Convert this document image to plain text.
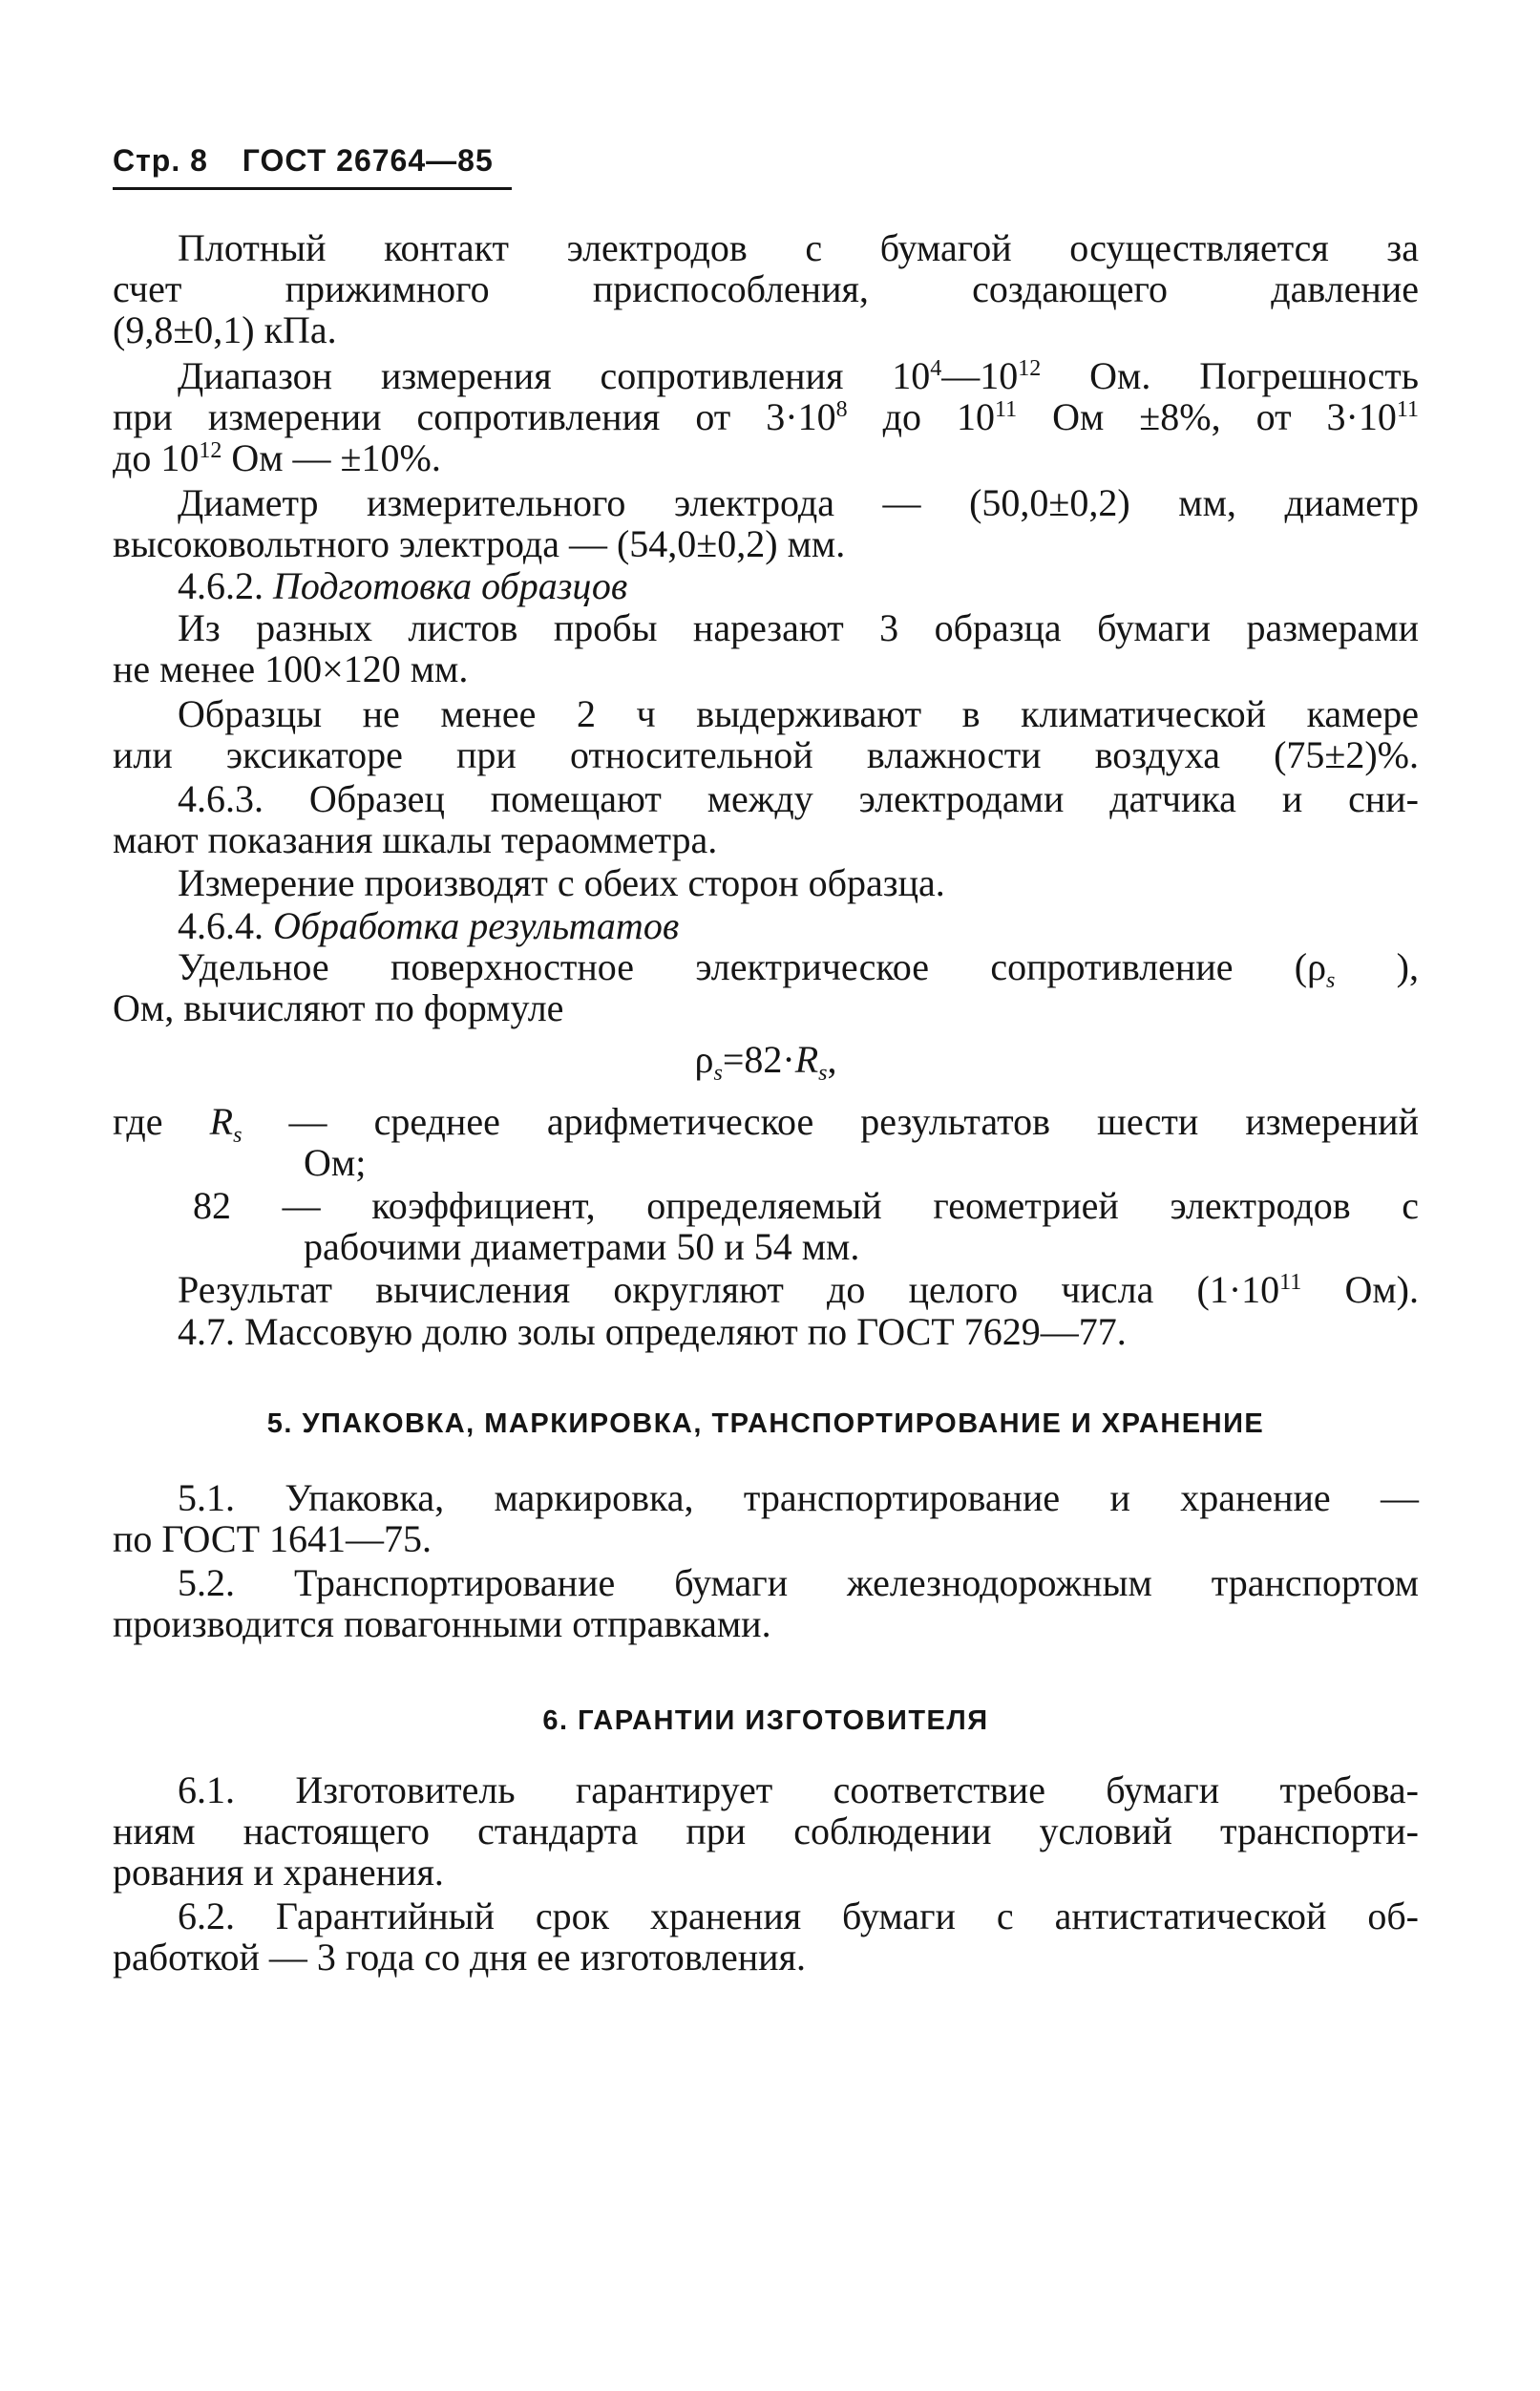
Стр. 8 ГОСТ 26764—85
Плотный контакт электродов с бумагой осуществляется за
счет прижимного приспособления, создающего давление
(9,8±0,1) кПа.
Диапазон измерения сопротивления $10^4—10^{12}$ Ом. Погрешность
при измерении сопротивления от $3\cdot 10^8$ до $10^{11}$ Ом ±8%, от $3\cdot 10^{11}$
до $10^{12}$ Ом — ±10%.
Диаметр измерительного электрода — (50,0±0,2) мм, диаметр
высоковольтного электрода — (54,0±0,2) мм.
4.6.2. Подготовка образцов
Из разных листов пробы нарезают 3 образца бумаги размерами
не менее 100×120 мм.
Образцы не менее 2 ч выдерживают в климатической камере
или эксикаторе при относительной влажности воздуха (75±2)%.
4.6.3. Образец помещают между электродами датчика и сни-
мают показания шкалы тераомметра.
Измерение производят с обеих сторон образца.
4.6.4. Обработка результатов
Удельное поверхностное электрическое сопротивление ($\rho_s$ ),
Ом, вычисляют по формуле
$\rho_s=82\cdot R_s$,
где $R_s$ — среднее арифметическое результатов шести измерений
Ом;
82 — коэффициент, определяемый геометрией электродов с
рабочими диаметрами 50 и 54 мм.
Результат вычисления округляют до целого числа ($1\cdot 10^{11}$ Ом).
4.7. Массовую долю золы определяют по ГОСТ 7629—77.
5. УПАКОВКА, МАРКИРОВКА, ТРАНСПОРТИРОВАНИЕ И ХРАНЕНИЕ
5.1. Упаковка, маркировка, транспортирование и хранение —
по ГОСТ 1641—75.
5.2. Транспортирование бумаги железнодорожным транспортом
производится повагонными отправками.
6. ГАРАНТИИ ИЗГОТОВИТЕЛЯ
6.1. Изготовитель гарантирует соответствие бумаги требова-
ниям настоящего стандарта при соблюдении условий транспорти-
рования и хранения.
6.2. Гарантийный срок хранения бумаги с антистатической об-
работкой — 3 года со дня ее изготовления.
